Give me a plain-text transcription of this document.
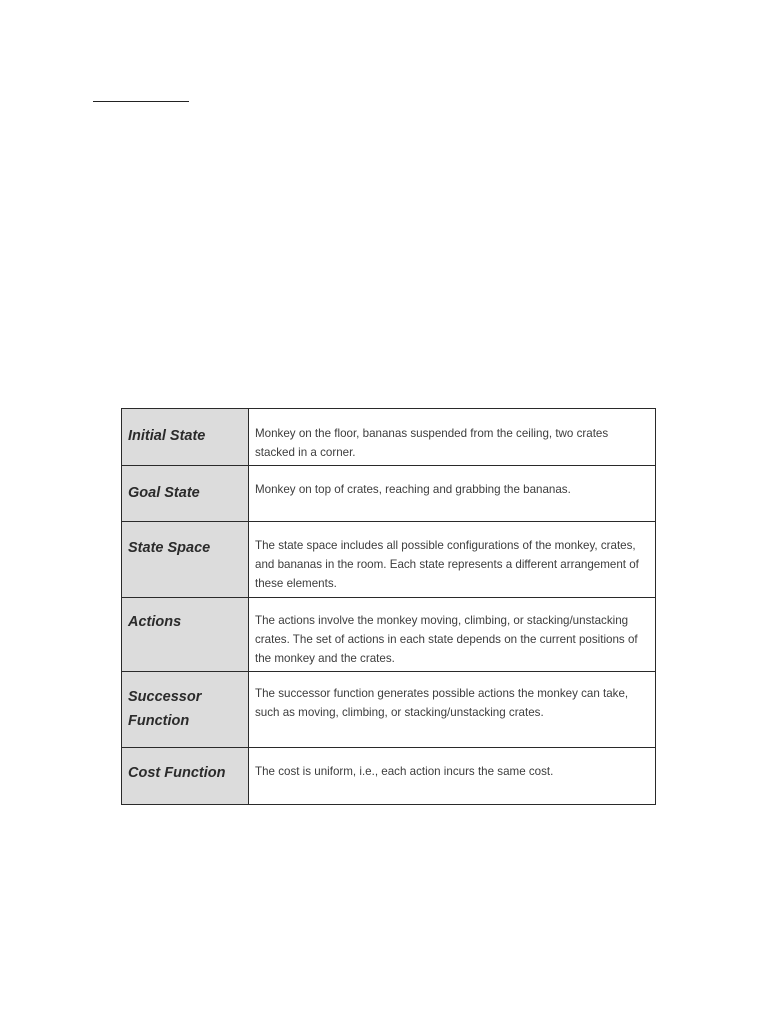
Initial State	Monkey on the floor, bananas suspended from the ceiling, two crates stacked in a corner.
Goal State	Monkey on top of crates, reaching and grabbing the bananas.
State Space	The state space includes all possible configurations of the monkey, crates, and bananas in the room. Each state represents a different arrangement of these elements.
Actions	The actions involve the monkey moving, climbing, or stacking/unstacking crates. The set of actions in each state depends on the current positions of the monkey and the crates.
Successor Function	The successor function generates possible actions the monkey can take, such as moving, climbing, or stacking/unstacking crates.
Cost Function	The cost is uniform, i.e., each action incurs the same cost.
